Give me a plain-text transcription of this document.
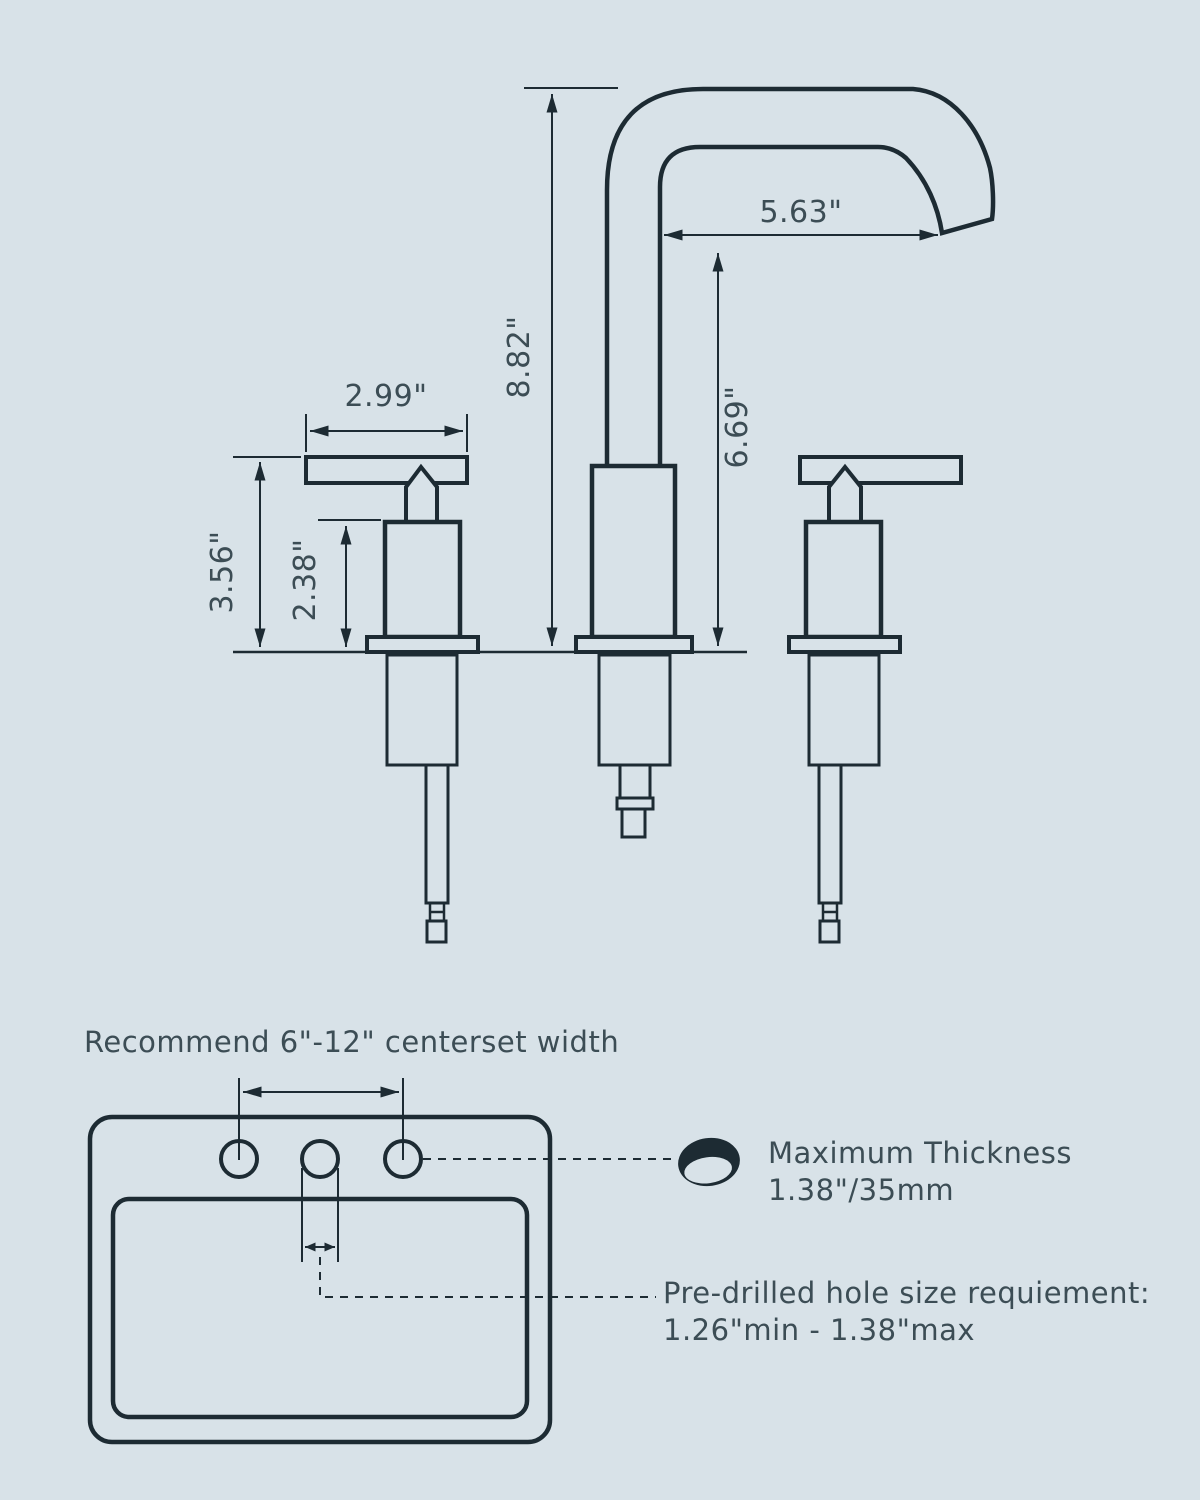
8.82"
5.63"
6.69"
2.99"
3.56" 2.38"
Recommend 6"-12" centerset width
Maximum Thickness
1.38"/35mm
Pre-drilled hole size requiement:
1.26"min - 1.38"max
